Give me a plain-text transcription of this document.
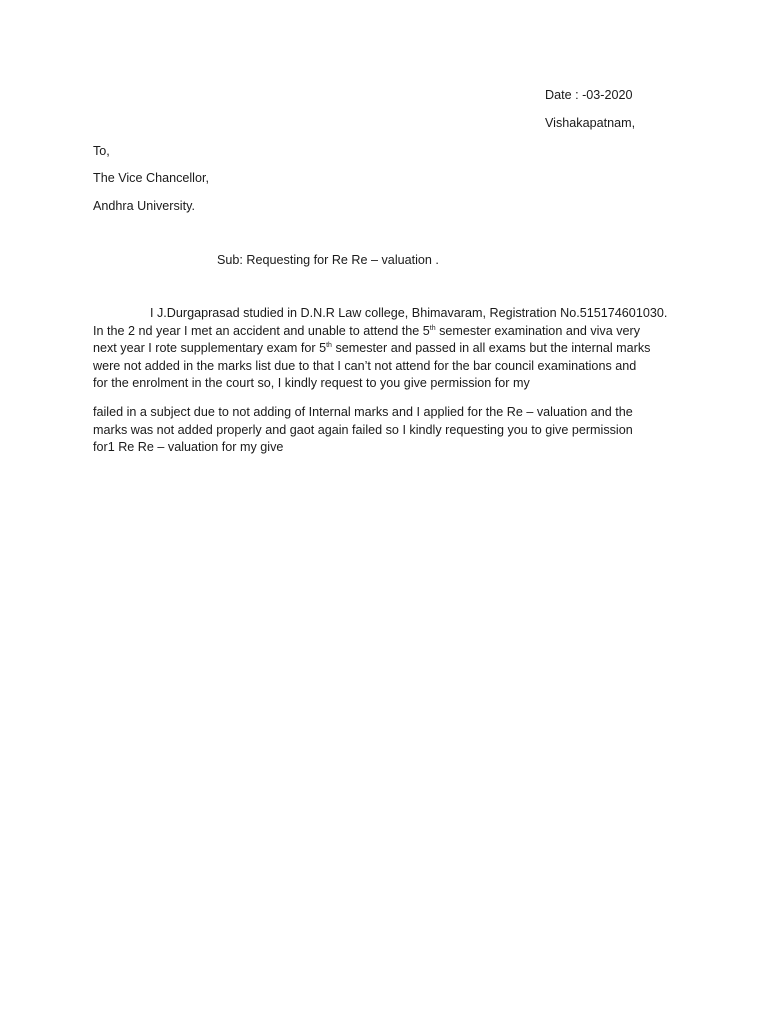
Date : -03-2020
Vishakapatnam,
To,
The Vice Chancellor,
Andhra University.
Sub: Requesting for Re Re – valuation .
I J.Durgaprasad studied in D.N.R Law college, Bhimavaram, Registration No.515174601030.
In the 2 nd year I met an accident and unable to attend the 5th semester examination and viva very
next year I rote supplementary exam for 5th semester and passed in all exams but the internal marks
were not added in the marks list due to that I can’t not attend for the bar council examinations and
for the enrolment in the court so, I kindly request to you give permission for my
failed in a subject due to not adding of Internal marks and I applied for the Re – valuation and the
marks was not added properly and gaot again failed so I kindly requesting you to give permission
for1 Re Re – valuation for my give
